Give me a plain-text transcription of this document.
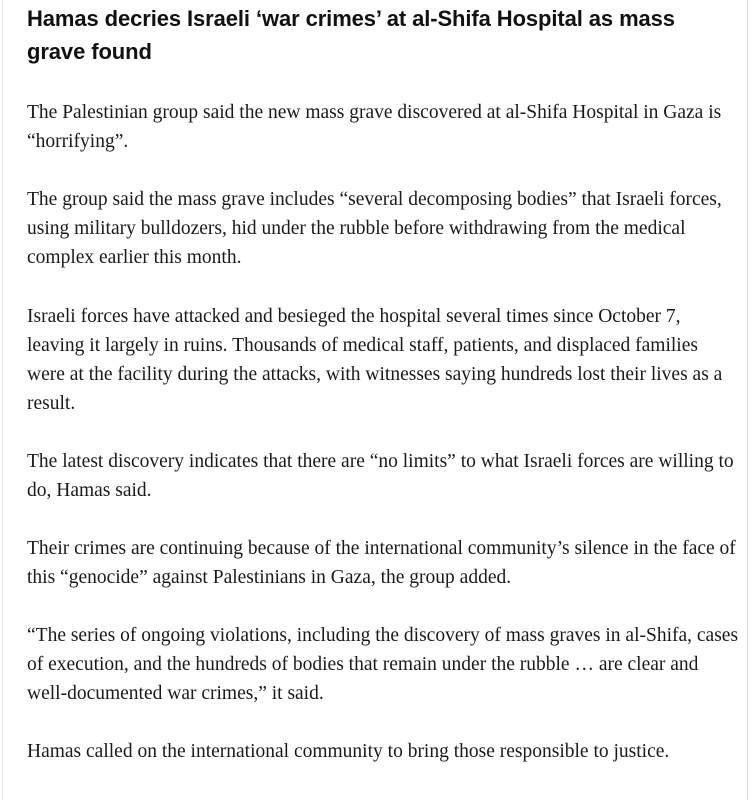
Hamas decries Israeli ‘war crimes’ at al-Shifa Hospital as mass grave found

The Palestinian group said the new mass grave discovered at al-Shifa Hospital in Gaza is “horrifying”.

The group said the mass grave includes “several decomposing bodies” that Israeli forces, using military bulldozers, hid under the rubble before withdrawing from the medical complex earlier this month.

Israeli forces have attacked and besieged the hospital several times since October 7, leaving it largely in ruins. Thousands of medical staff, patients, and displaced families were at the facility during the attacks, with witnesses saying hundreds lost their lives as a result.

The latest discovery indicates that there are “no limits” to what Israeli forces are willing to do, Hamas said.

Their crimes are continuing because of the international community’s silence in the face of this “genocide” against Palestinians in Gaza, the group added.

“The series of ongoing violations, including the discovery of mass graves in al-Shifa, cases of execution, and the hundreds of bodies that remain under the rubble … are clear and well-documented war crimes,” it said.

Hamas called on the international community to bring those responsible to justice.
